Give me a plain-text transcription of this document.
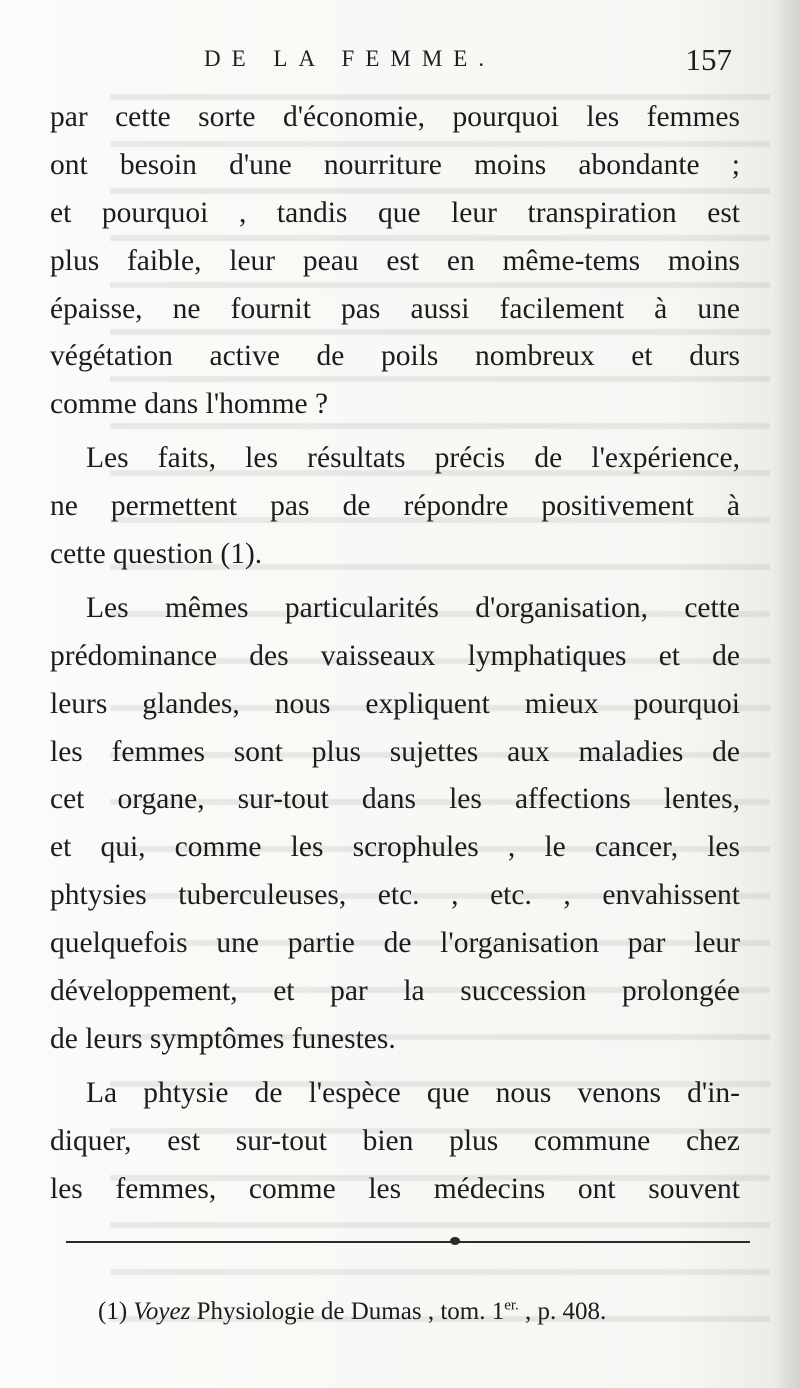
DE LA FEMME.	157
par cette sorte d'économie, pourquoi les femmes
ont besoin d'une nourriture moins abondante ;
et pourquoi , tandis que leur transpiration est
plus faible, leur peau est en même-tems moins
épaisse, ne fournit pas aussi facilement à une
végétation active de poils nombreux et durs
comme dans l'homme ?
Les faits, les résultats précis de l'expérience,
ne permettent pas de répondre positivement à
cette question (1).
Les mêmes particularités d'organisation, cette
prédominance des vaisseaux lymphatiques et de
leurs glandes, nous expliquent mieux pourquoi
les femmes sont plus sujettes aux maladies de
cet organe, sur-tout dans les affections lentes,
et qui, comme les scrophules , le cancer, les
phtysies tuberculeuses, etc. , etc. , envahissent
quelquefois une partie de l'organisation par leur
développement, et par la succession prolongée
de leurs symptômes funestes.
La phtysie de l'espèce que nous venons d'in-
diquer, est sur-tout bien plus commune chez
les femmes, comme les médecins ont souvent
(1) Voyez Physiologie de Dumas , tom. $1^{er.}$ , p. 408.
